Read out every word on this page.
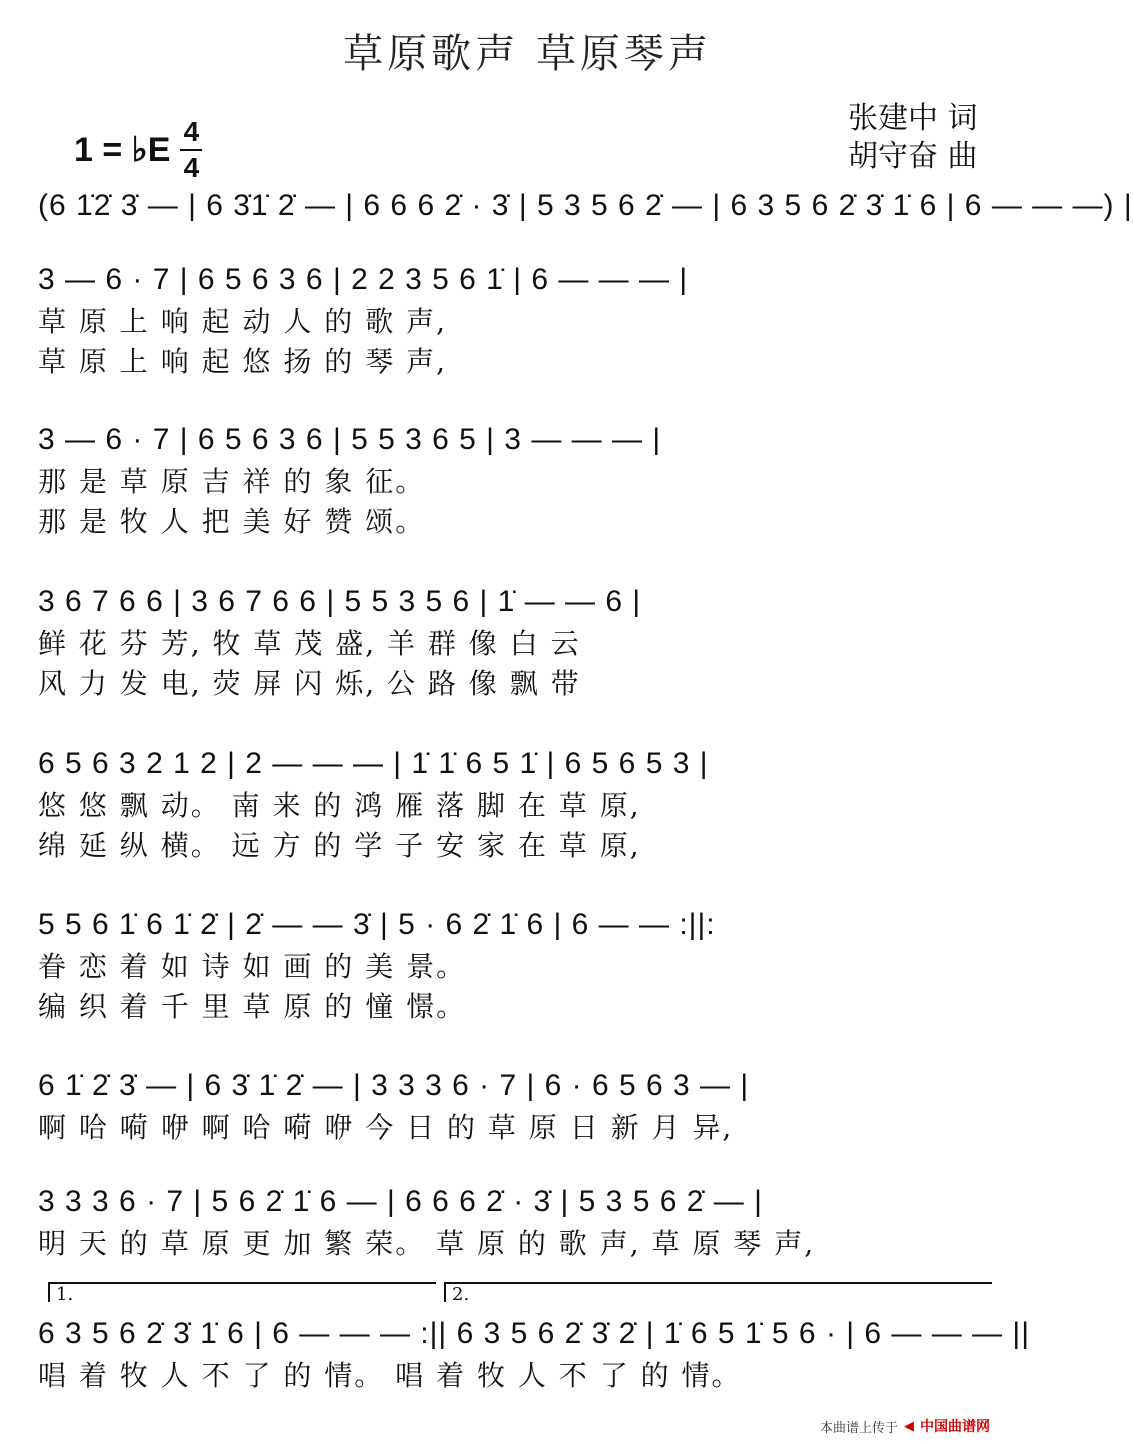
草原歌声 草原琴声
1 = ♭E $\frac{4}{4}$	张建中 词
胡守奋 曲
(6 1̇2̇ 3̇ — | 6 3̇1̇ 2̇ — | 6 6 6 2̇ · 3̇ | 5 3 5 6 2̇ — | 6 3 5 6 2̇ 3̇ 1̇ 6 | 6 — — —) |
3 — 6 · 7 | 6 5 6 3 6 | 2 2 3 5 6 1̇ | 6 — — — |
草 原 上 响 起 动 人 的 歌 声,
草 原 上 响 起 悠 扬 的 琴 声,
3 — 6 · 7 | 6 5 6 3 6 | 5 5 3 6 5 | 3 — — — |
那 是 草 原 吉 祥 的 象 征。
那 是 牧 人 把 美 好 赞 颂。
3 6 7 6 6 | 3 6 7 6 6 | 5 5 3 5 6 | 1̇ — — 6 |
鲜 花 芬 芳, 牧 草 茂 盛, 羊 群 像 白 云
风 力 发 电, 荧 屏 闪 烁, 公 路 像 飘 带
6 5 6 3 2 1 2 | 2 — — — | 1̇ 1̇ 6 5 1̇ | 6 5 6 5 3 |
悠 悠 飘 动。 南 来 的 鸿 雁 落 脚 在 草 原,
绵 延 纵 横。 远 方 的 学 子 安 家 在 草 原,
5 5 6 1̇ 6 1̇ 2̇ | 2̇ — — 3̇ | 5 · 6 2̇ 1̇ 6 | 6 — — :||:
眷 恋 着 如 诗 如 画 的 美 景。
编 织 着 千 里 草 原 的 憧 憬。
6 1̇ 2̇ 3̇ — | 6 3̇ 1̇ 2̇ — | 3 3 3 6 · 7 | 6 · 6 5 6 3 — |
啊 哈 嗬 咿 啊 哈 嗬 咿 今 日 的 草 原 日 新 月 异,
3 3 3 6 · 7 | 5 6 2̇ 1̇ 6 — | 6 6 6 2̇ · 3̇ | 5 3 5 6 2̇ — |
明 天 的 草 原 更 加 繁 荣。 草 原 的 歌 声, 草 原 琴 声,
1.	2.
6 3 5 6 2̇ 3̇ 1̇ 6 | 6 — — — :|| 6 3 5 6 2̇ 3̇ 2̇ | 1̇ 6 5 1̇ 5 6 · | 6 — — — ||
唱 着 牧 人 不 了 的 情。 唱 着 牧 人 不 了 的 情。
本曲谱上传于 ◀ 中国曲谱网
